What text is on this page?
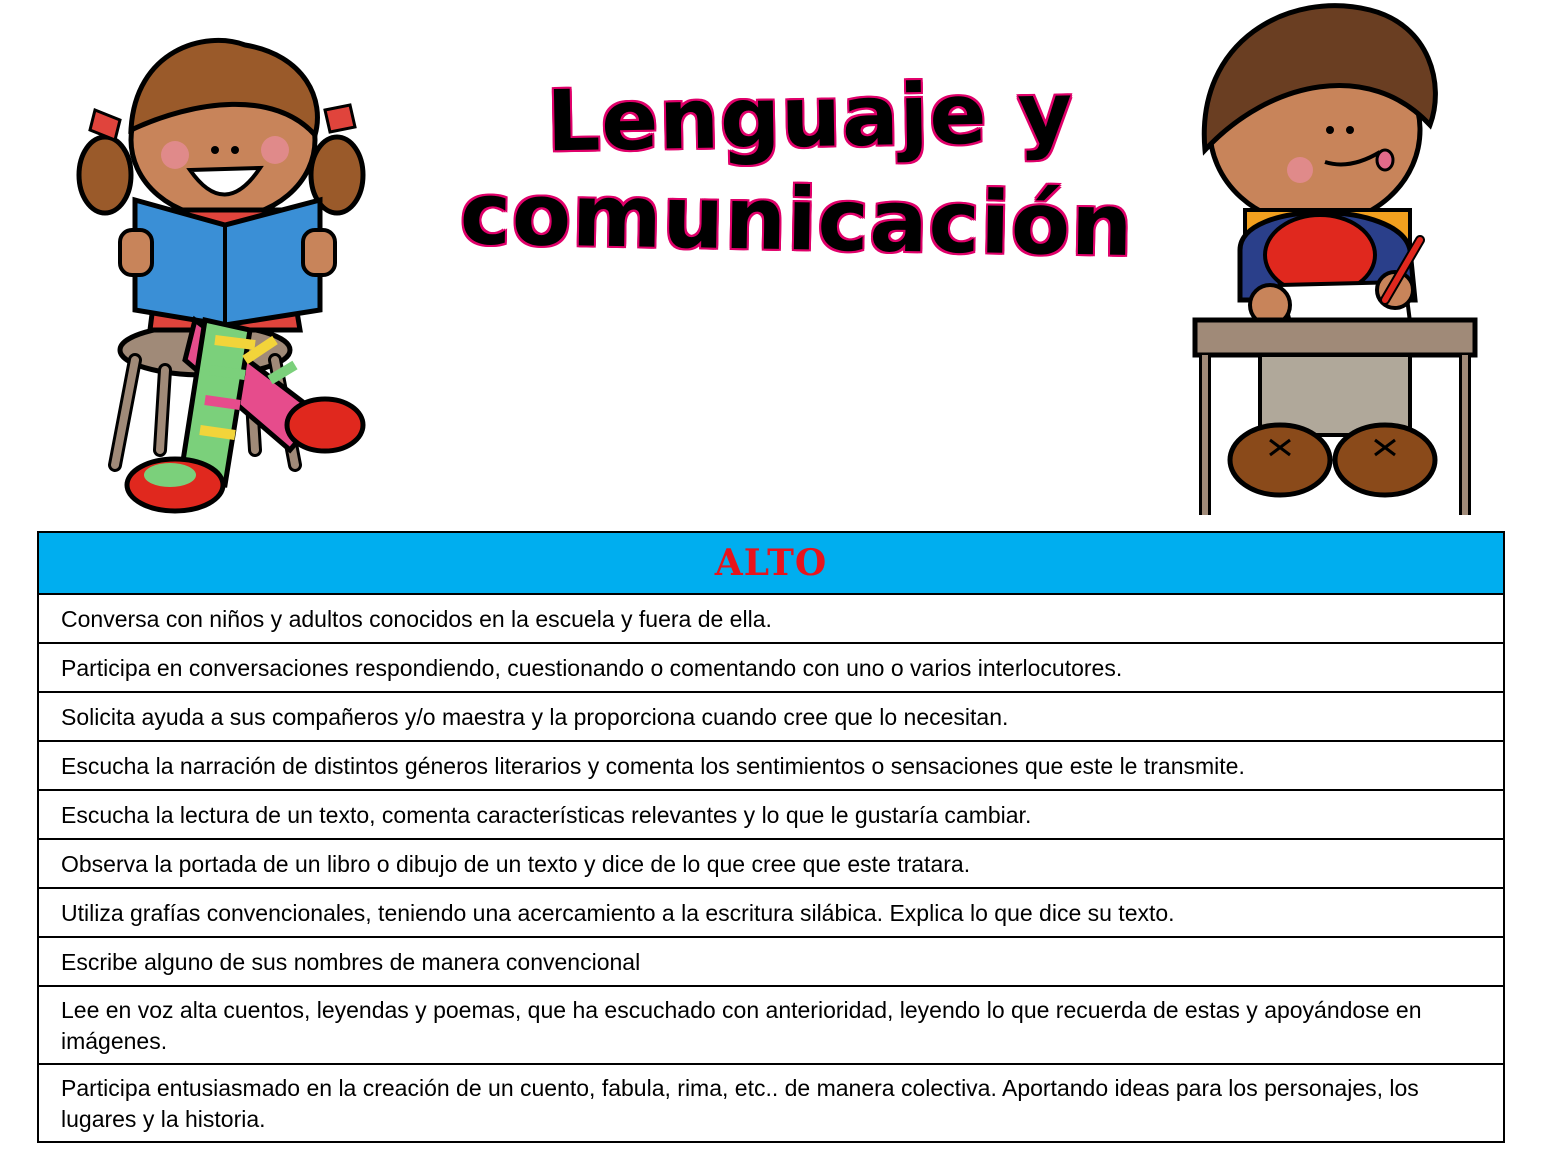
Lenguaje y
comunicación
ALTO
Conversa con niños y adultos conocidos en la escuela y fuera de ella.
Participa en conversaciones respondiendo, cuestionando o comentando con uno o varios interlocutores.
Solicita ayuda a sus compañeros y/o maestra y la proporciona cuando cree que lo necesitan.
Escucha la narración de distintos géneros literarios y comenta los sentimientos o sensaciones que este le transmite.
Escucha la lectura de un texto, comenta características relevantes y lo que le gustaría cambiar.
Observa la portada de un libro o dibujo de un texto y dice de lo que cree que este tratara.
Utiliza grafías convencionales, teniendo una acercamiento a la escritura silábica. Explica lo que dice su texto.
Escribe alguno de sus nombres de manera convencional
Lee en voz alta cuentos, leyendas y poemas, que ha escuchado con anterioridad, leyendo lo que recuerda de estas y apoyándose en imágenes.
Participa entusiasmado en la creación de un cuento, fabula, rima, etc.. de manera colectiva. Aportando ideas para los personajes, los lugares y la historia.
